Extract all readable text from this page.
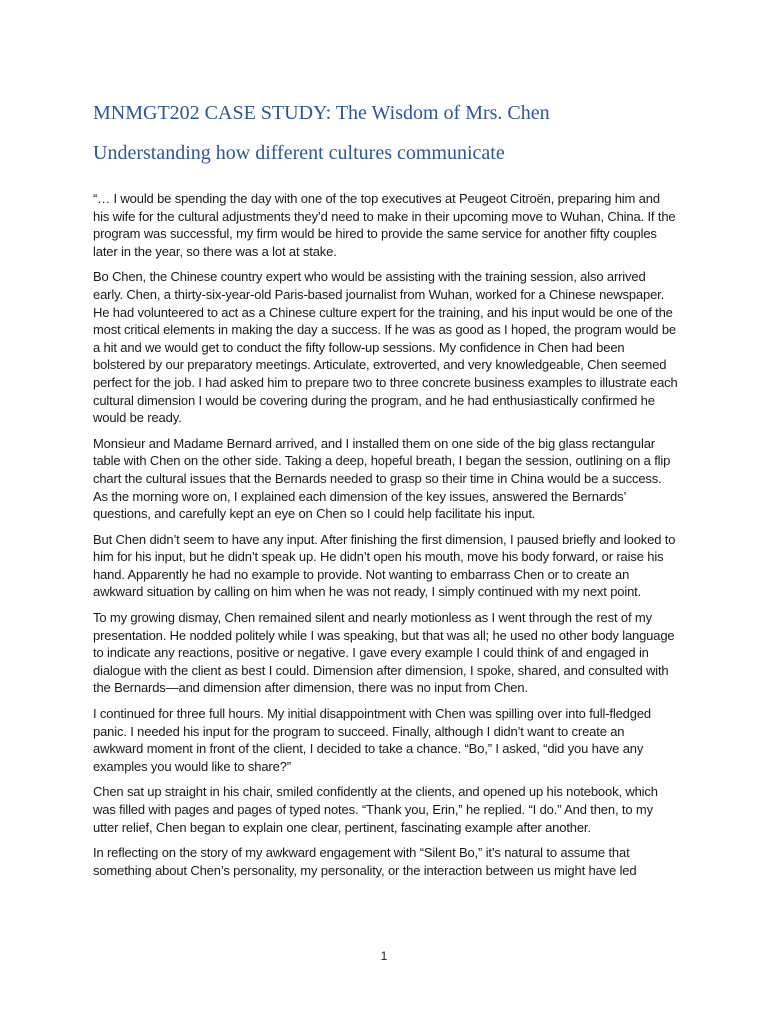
MNMGT202 CASE STUDY: The Wisdom of Mrs. Chen
Understanding how different cultures communicate

“… I would be spending the day with one of the top executives at Peugeot Citroën, preparing him and his wife for the cultural adjustments they’d need to make in their upcoming move to Wuhan, China. If the program was successful, my firm would be hired to provide the same service for another fifty couples later in the year, so there was a lot at stake.

Bo Chen, the Chinese country expert who would be assisting with the training session, also arrived early. Chen, a thirty-six-year-old Paris-based journalist from Wuhan, worked for a Chinese newspaper. He had volunteered to act as a Chinese culture expert for the training, and his input would be one of the most critical elements in making the day a success. If he was as good as I hoped, the program would be a hit and we would get to conduct the fifty follow-up sessions. My confidence in Chen had been bolstered by our preparatory meetings. Articulate, extroverted, and very knowledgeable, Chen seemed perfect for the job. I had asked him to prepare two to three concrete business examples to illustrate each cultural dimension I would be covering during the program, and he had enthusiastically confirmed he would be ready.

Monsieur and Madame Bernard arrived, and I installed them on one side of the big glass rectangular table with Chen on the other side. Taking a deep, hopeful breath, I began the session, outlining on a flip chart the cultural issues that the Bernards needed to grasp so their time in China would be a success. As the morning wore on, I explained each dimension of the key issues, answered the Bernards’ questions, and carefully kept an eye on Chen so I could help facilitate his input.

But Chen didn’t seem to have any input. After finishing the first dimension, I paused briefly and looked to him for his input, but he didn’t speak up. He didn’t open his mouth, move his body forward, or raise his hand. Apparently he had no example to provide. Not wanting to embarrass Chen or to create an awkward situation by calling on him when he was not ready, I simply continued with my next point.

To my growing dismay, Chen remained silent and nearly motionless as I went through the rest of my presentation. He nodded politely while I was speaking, but that was all; he used no other body language to indicate any reactions, positive or negative. I gave every example I could think of and engaged in dialogue with the client as best I could. Dimension after dimension, I spoke, shared, and consulted with the Bernards—and dimension after dimension, there was no input from Chen.

I continued for three full hours. My initial disappointment with Chen was spilling over into full-fledged panic. I needed his input for the program to succeed. Finally, although I didn’t want to create an awkward moment in front of the client, I decided to take a chance. “Bo,” I asked, “did you have any examples you would like to share?”

Chen sat up straight in his chair, smiled confidently at the clients, and opened up his notebook, which was filled with pages and pages of typed notes. “Thank you, Erin,” he replied. “I do.” And then, to my utter relief, Chen began to explain one clear, pertinent, fascinating example after another.

In reflecting on the story of my awkward engagement with “Silent Bo,” it’s natural to assume that something about Chen’s personality, my personality, or the interaction between us might have led

1
